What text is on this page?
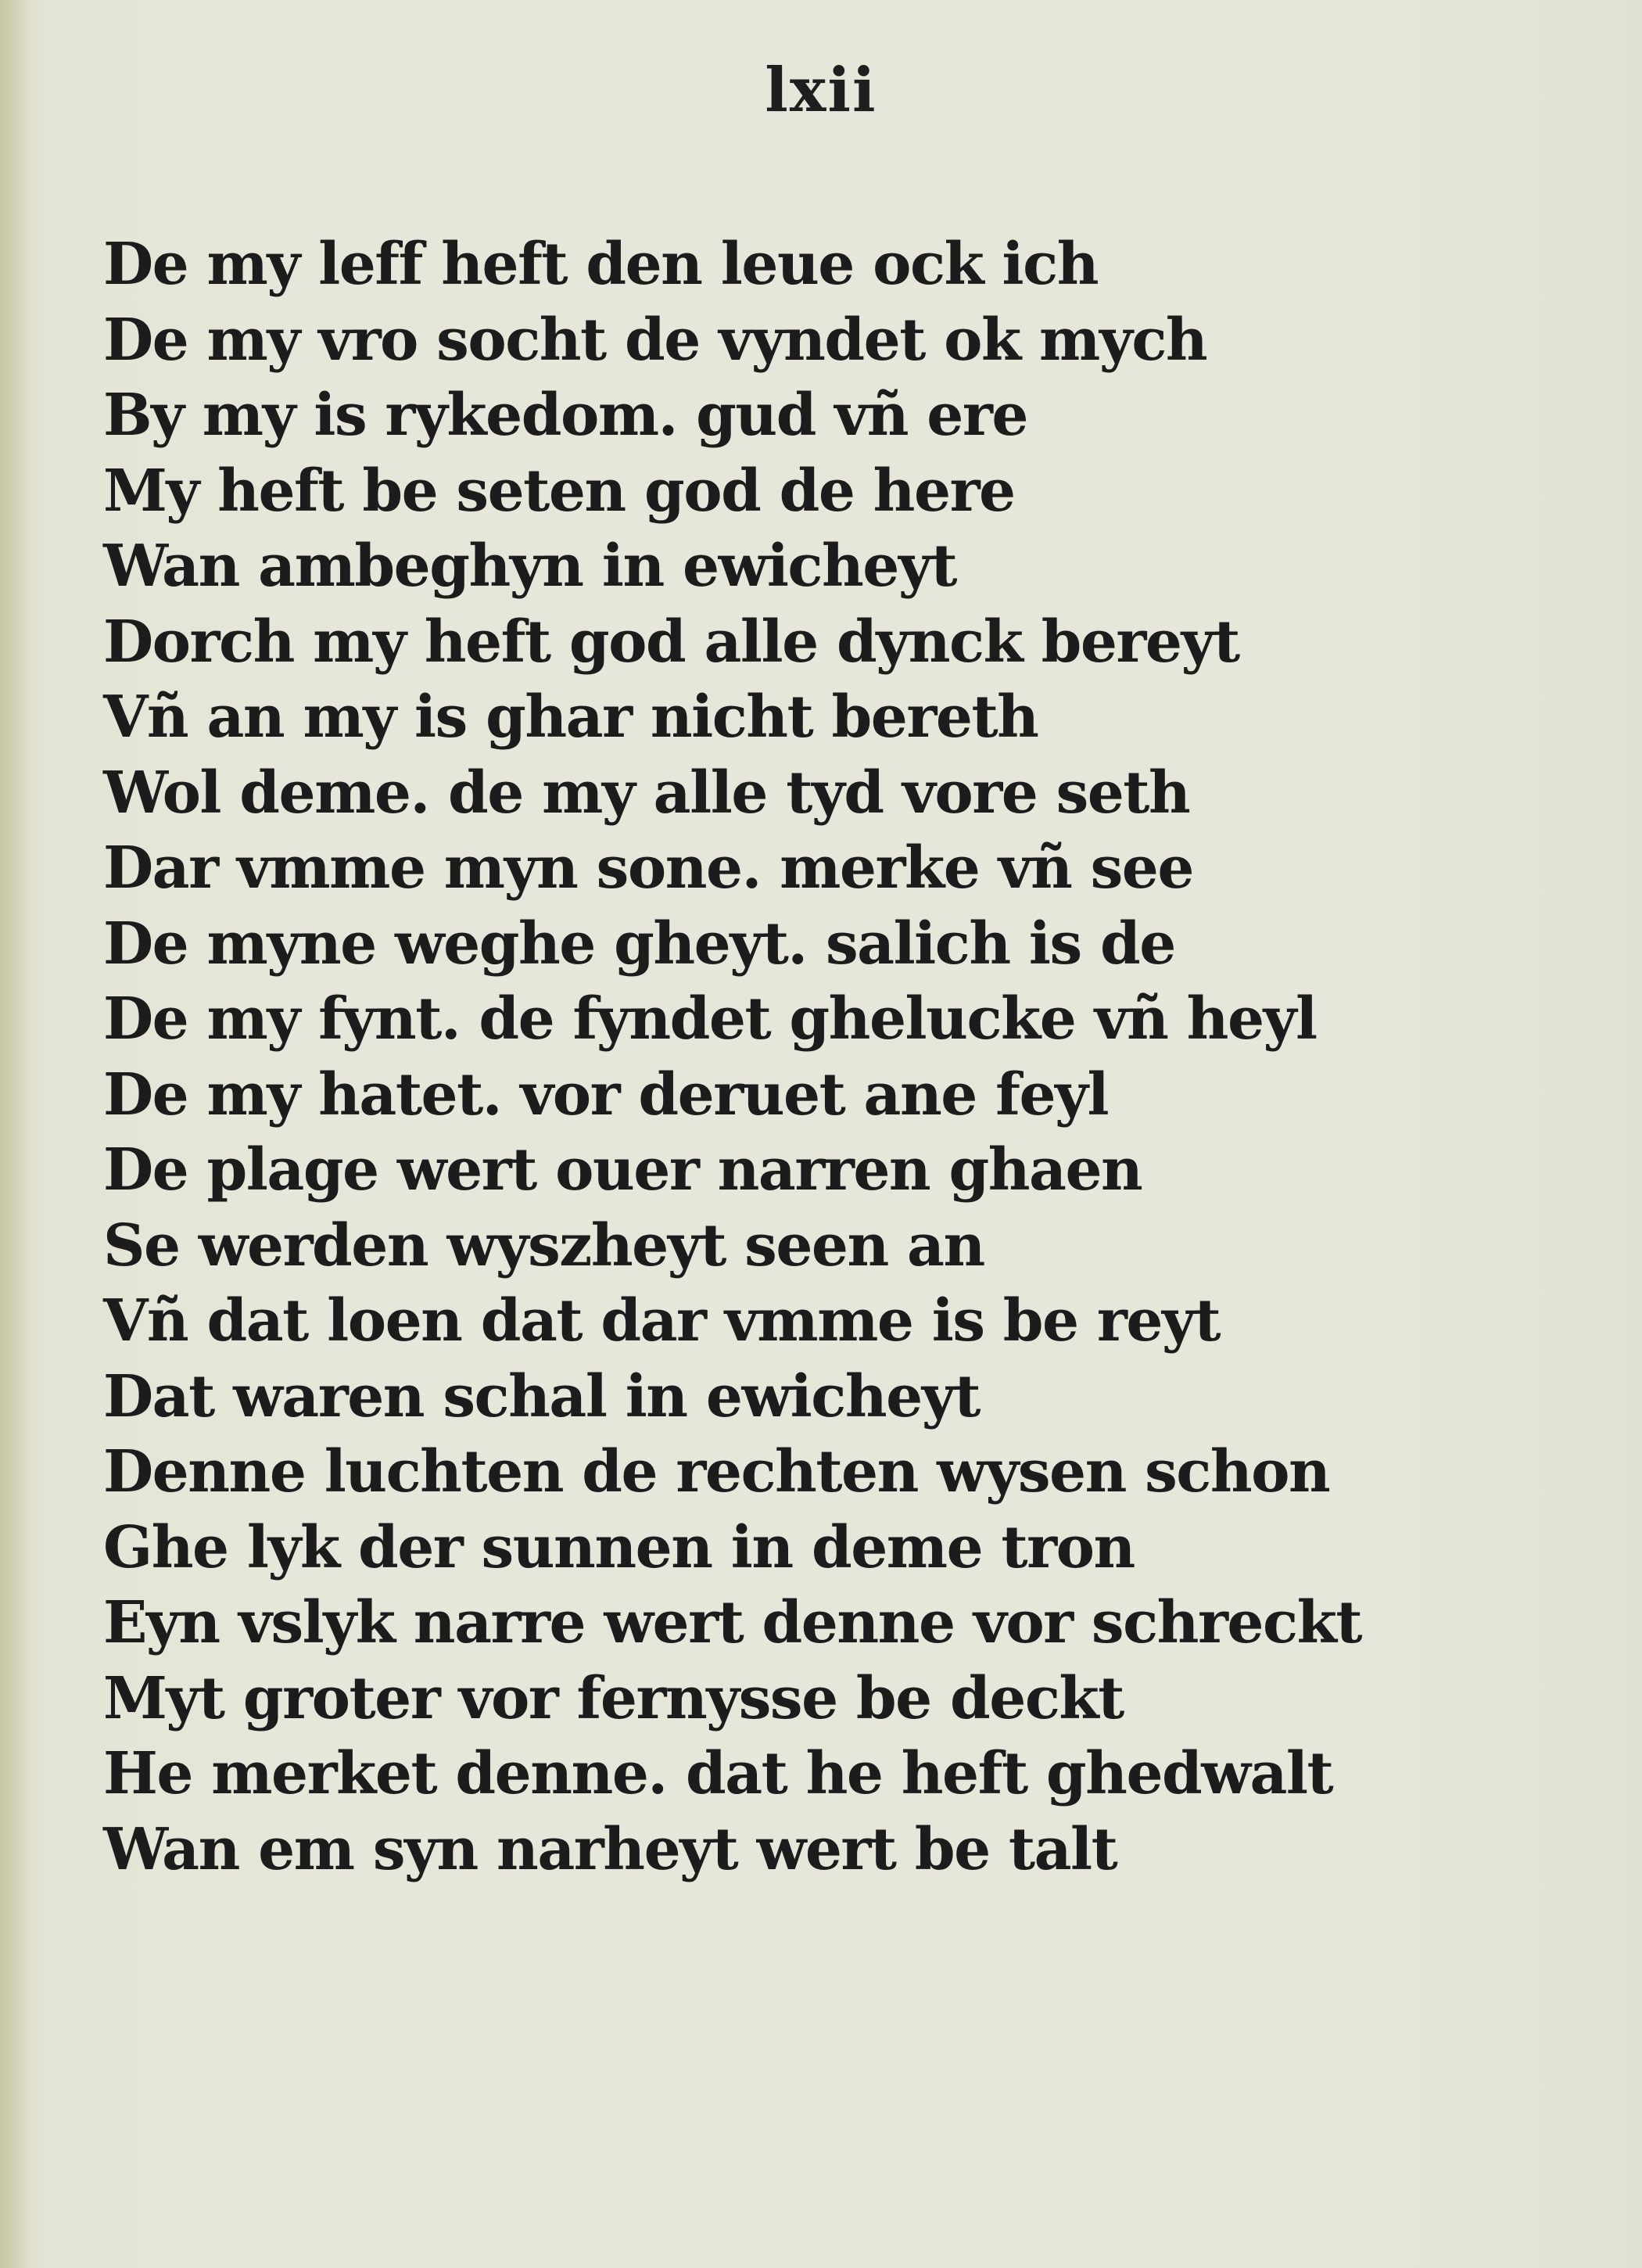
lxii
De my leff heft den leue ock ich
De my vro socht de vyndet ok mych
By my is rykedom. gud vñ ere
My heft be seten god de here
Wan ambeghyn in ewicheyt
Dorch my heft god alle dynck bereyt
Vñ an my is ghar nicht bereth
Wol deme. de my alle tyd vore seth
Dar vmme myn sone. merke vñ see
De myne weghe gheyt. salich is de
De my fynt. de fyndet ghelucke vñ heyl
De my hatet. vor deruet ane feyl
De plage wert ouer narren ghaen
Se werden wyszheyt seen an
Vñ dat loen dat dar vmme is be reyt
Dat waren schal in ewicheyt
Denne luchten de rechten wysen schon
Ghe lyk der sunnen in deme tron
Eyn vslyk narre wert denne vor schreckt
Myt groter vor fernysse be deckt
He merket denne. dat he heft ghedwalt
Wan em syn narheyt wert be talt
